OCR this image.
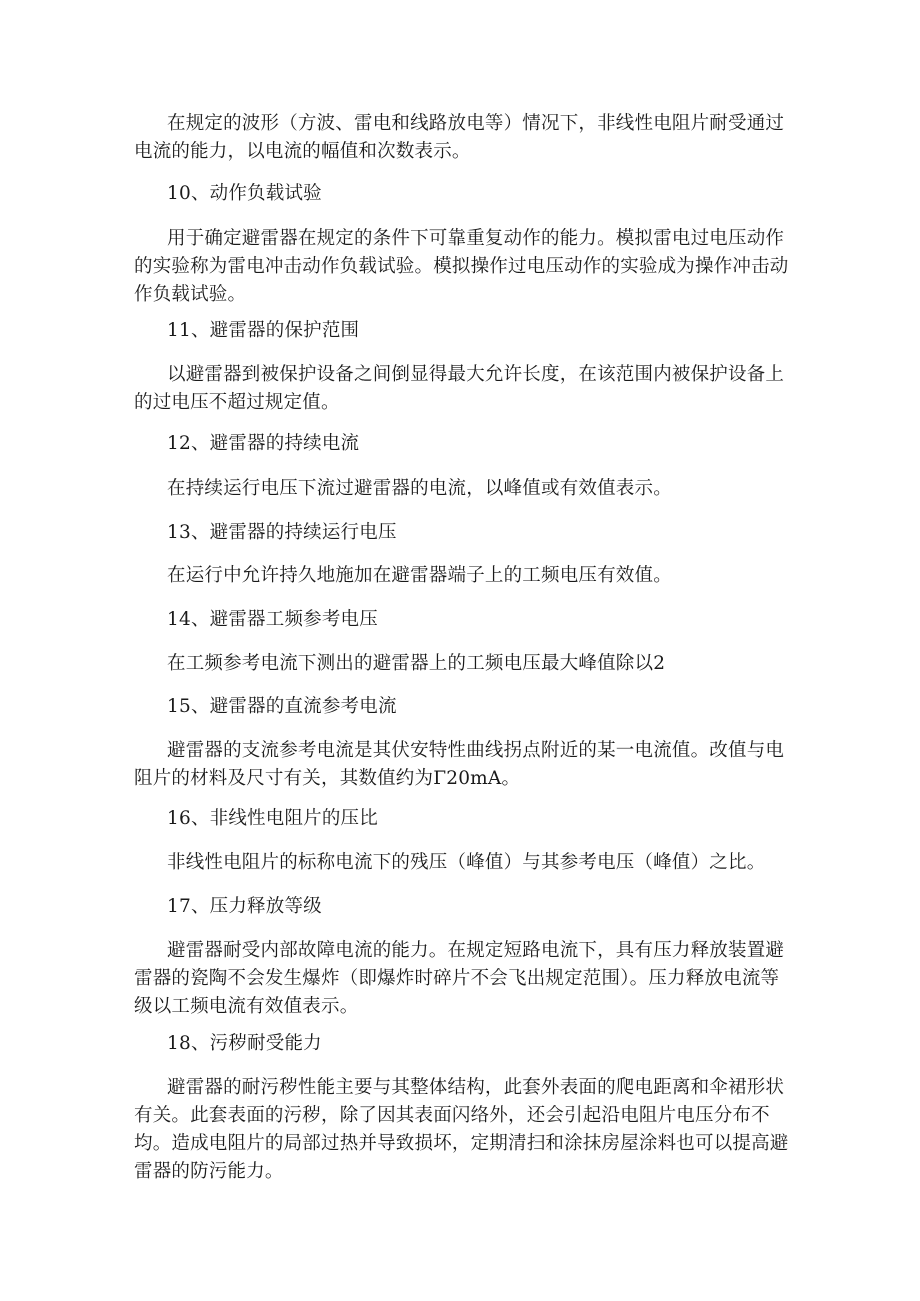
在规定的波形（方波、雷电和线路放电等）情况下，非线性电阻片耐受通过电流的能力，以电流的幅值和次数表示。

10、动作负载试验

用于确定避雷器在规定的条件下可靠重复动作的能力。模拟雷电过电压动作的实验称为雷电冲击动作负载试验。模拟操作过电压动作的实验成为操作冲击动作负载试验。

11、避雷器的保护范围

以避雷器到被保护设备之间倒显得最大允许长度，在该范围内被保护设备上的过电压不超过规定值。

12、避雷器的持续电流

在持续运行电压下流过避雷器的电流，以峰值或有效值表示。

13、避雷器的持续运行电压

在运行中允许持久地施加在避雷器端子上的工频电压有效值。

14、避雷器工频参考电压

在工频参考电流下测出的避雷器上的工频电压最大峰值除以2

15、避雷器的直流参考电流

避雷器的支流参考电流是其伏安特性曲线拐点附近的某一电流值。改值与电阻片的材料及尺寸有关，其数值约为Γ20mA。

16、非线性电阻片的压比

非线性电阻片的标称电流下的残压（峰值）与其参考电压（峰值）之比。

17、压力释放等级

避雷器耐受内部故障电流的能力。在规定短路电流下，具有压力释放装置避雷器的瓷陶不会发生爆炸（即爆炸时碎片不会飞出规定范围）。压力释放电流等级以工频电流有效值表示。

18、污秽耐受能力

避雷器的耐污秽性能主要与其整体结构，此套外表面的爬电距离和伞裙形状有关。此套表面的污秽，除了因其表面闪络外，还会引起沿电阻片电压分布不均。造成电阻片的局部过热并导致损坏，定期清扫和涂抹房屋涂料也可以提高避雷器的防污能力。
